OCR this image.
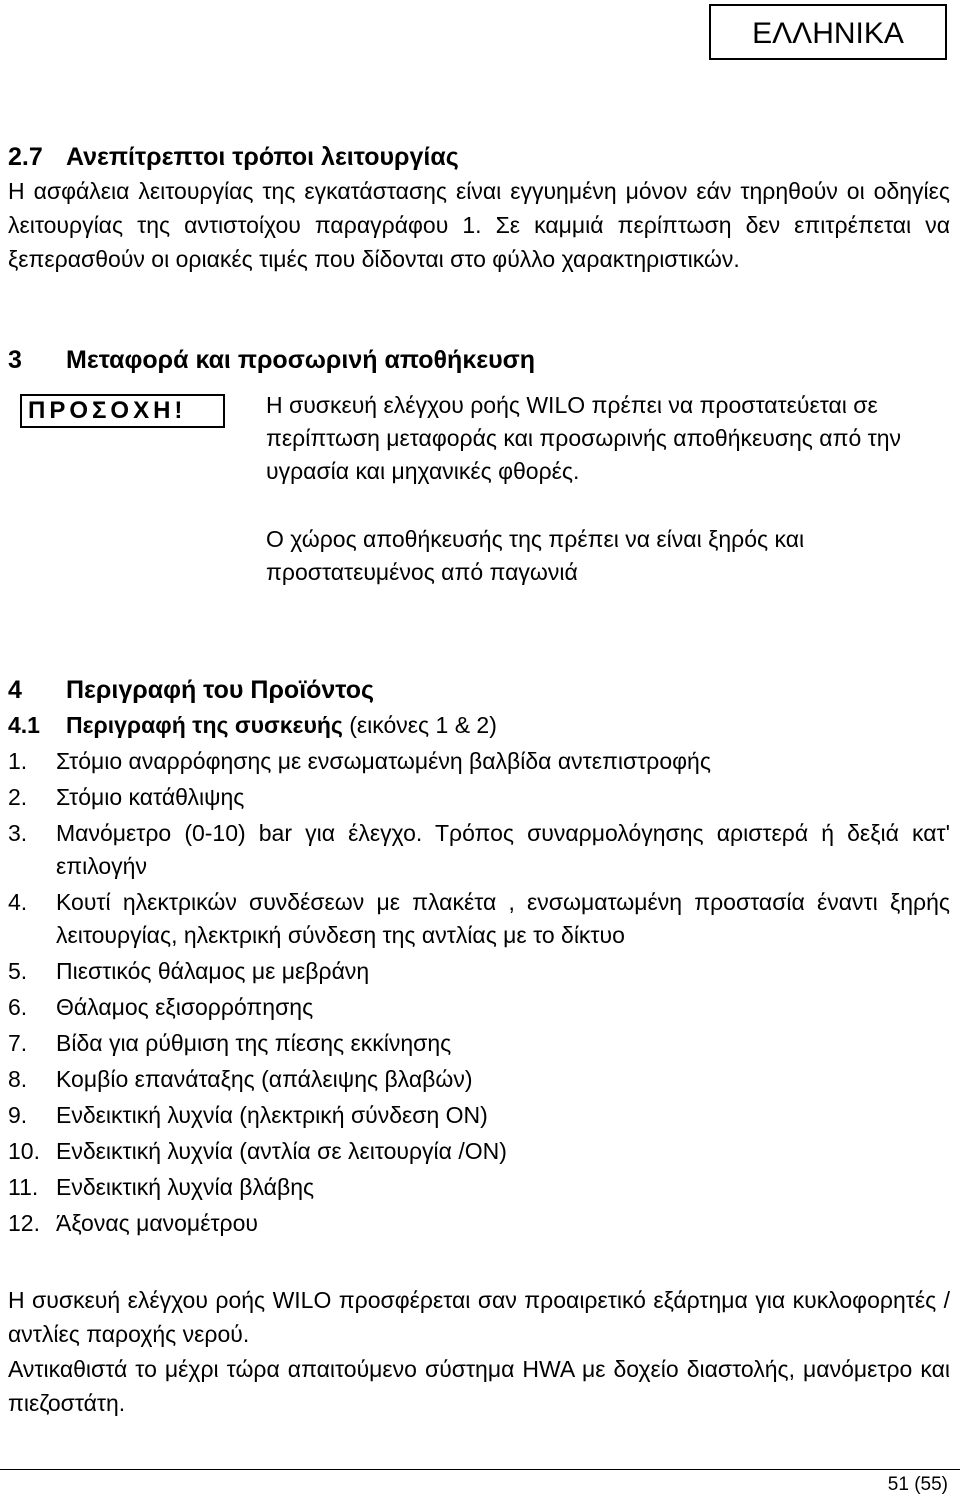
ΕΛΛΗΝΙΚΑ
2.7 Ανεπίτρεπτοι τρόποι λειτουργίας
Η ασφάλεια λειτουργίας της εγκατάστασης είναι εγγυημένη μόνον εάν τηρηθούν οι οδηγίες λειτουργίας της αντιστοίχου παραγράφου 1. Σε καμμιά περίπτωση δεν επιτρέπεται να ξεπερασθούν οι οριακές τιμές που δίδονται στο φύλλο χαρακτηριστικών.
3 Μεταφορά και προσωρινή αποθήκευση
ΠΡΟΣΟΧΗ!	Η συσκευή ελέγχου ροής WILO πρέπει να προστατεύεται σε περίπτωση μεταφοράς και προσωρινής αποθήκευσης από την υγρασία και μηχανικές φθορές.
Ο χώρος αποθήκευσής της πρέπει να είναι ξηρός και προστατευμένος από παγωνιά
4 Περιγραφή του Προϊόντος
4.1 Περιγραφή της συσκευής (εικόνες 1 & 2)
1.	Στόμιο αναρρόφησης με ενσωματωμένη βαλβίδα αντεπιστροφής
2.	Στόμιο κατάθλιψης
3.	Μανόμετρο (0-10) bar για έλεγχο. Τρόπος συναρμολόγησης αριστερά ή δεξιά κατ' επιλογήν
4.	Κουτί ηλεκτρικών συνδέσεων με πλακέτα , ενσωματωμένη προστασία έναντι ξηρής λειτουργίας, ηλεκτρική σύνδεση της αντλίας με το δίκτυο
5.	Πιεστικός θάλαμος με μεβράνη
6.	Θάλαμος εξισορρόπησης
7.	Βίδα για ρύθμιση της πίεσης εκκίνησης
8.	Κομβίο επανάταξης (απάλειψης βλαβών)
9.	Ενδεικτική λυχνία (ηλεκτρική σύνδεση ΟΝ)
10. Ενδεικτική λυχνία (αντλία σε λειτουργία /ΟΝ)
11. Ενδεικτική λυχνία βλάβης
12. Άξονας μανομέτρου
Η συσκευή ελέγχου ροής WILO προσφέρεται σαν προαιρετικό εξάρτημα για κυκλοφορητές / αντλίες παροχής νερού.
Αντικαθιστά το μέχρι τώρα απαιτούμενο σύστημα HWA με δοχείο διαστολής, μανόμετρο και πιεζοστάτη.
51 (55)
